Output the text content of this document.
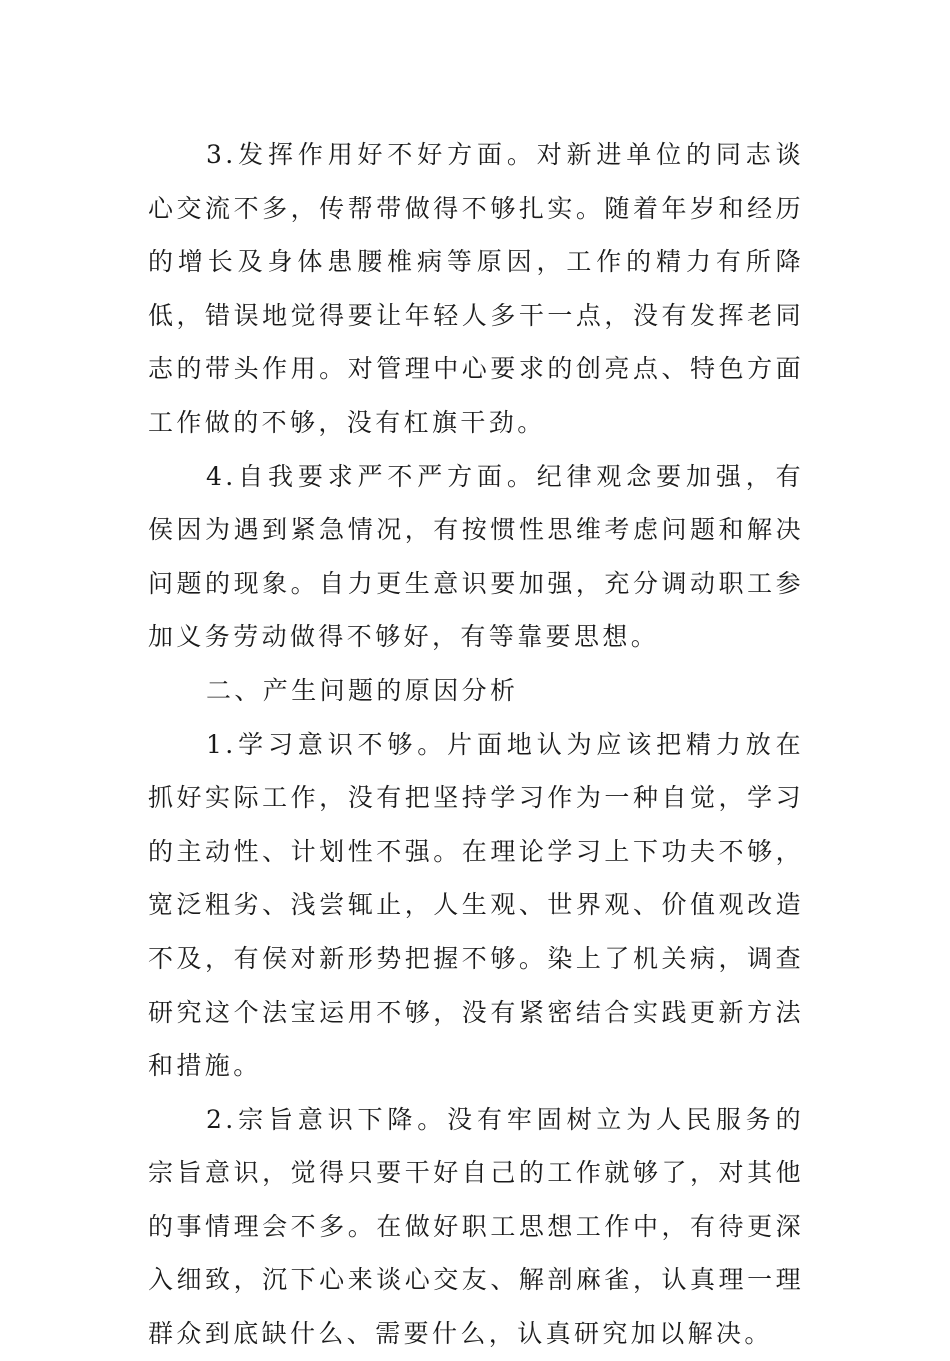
3.发挥作用好不好方面。对新进单位的同志谈心交流不多，传帮带做得不够扎实。随着年岁和经历的增长及身体患腰椎病等原因，工作的精力有所降低，错误地觉得要让年轻人多干一点，没有发挥老同志的带头作用。对管理中心要求的创亮点、特色方面工作做的不够，没有杠旗干劲。

4.自我要求严不严方面。纪律观念要加强，有侯因为遇到紧急情况，有按惯性思维考虑问题和解决问题的现象。自力更生意识要加强，充分调动职工参加义务劳动做得不够好，有等靠要思想。

二、产生问题的原因分析

1.学习意识不够。片面地认为应该把精力放在抓好实际工作，没有把坚持学习作为一种自觉，学习的主动性、计划性不强。在理论学习上下功夫不够，宽泛粗劣、浅尝辄止，人生观、世界观、价值观改造不及，有侯对新形势把握不够。染上了机关病，调查研究这个法宝运用不够，没有紧密结合实践更新方法和措施。

2.宗旨意识下降。没有牢固树立为人民服务的宗旨意识，觉得只要干好自己的工作就够了，对其他的事情理会不多。在做好职工思想工作中，有待更深入细致，沉下心来谈心交友、解剖麻雀，认真理一理群众到底缺什么、需要什么，认真研究加以解决。
